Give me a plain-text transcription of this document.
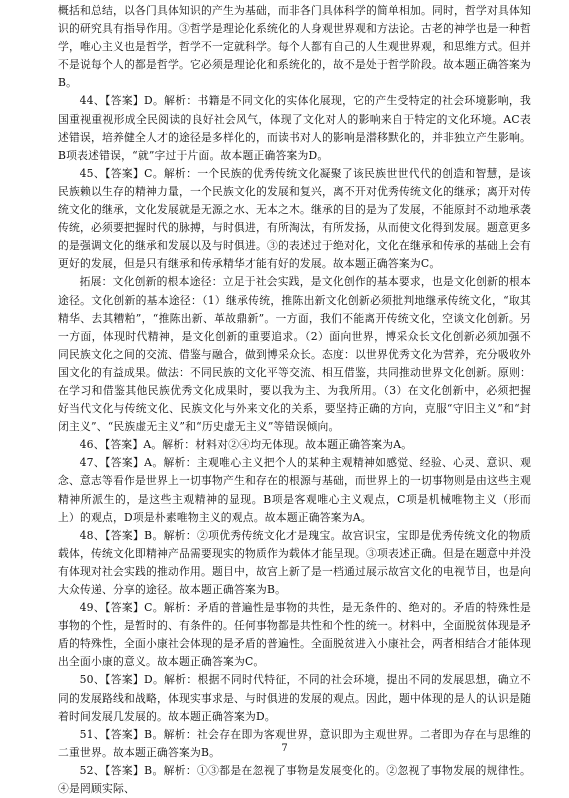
概括和总结，以各门具体知识的产生为基础，而非各门具体科学的简单相加。同时，哲学对具体知识的研究具有指导作用。③哲学是理论化系统化的人身观世界观和方法论。古老的神学也是一种哲学，唯心主义也是哲学，哲学不一定就科学。每个人都有自己的人生观世界观，和思维方式。但并不是说每个人的都是哲学。它必须是理论化和系统化的，故不是处于哲学阶段。故本题正确答案为B。

44、【答案】D。解析：书籍是不同文化的实体化展现，它的产生受特定的社会环境影响，我国重视重视形成全民阅读的良好社会风气，体现了文化对人的影响来自于特定的文化环境。AC表述错误，培养健全人才的途径是多样化的，而读书对人的影响是潜移默化的，并非独立产生影响。B项表述错误，“就”字过于片面。故本题正确答案为D。

45、【答案】C。解析：一个民族的优秀传统文化凝聚了该民族世世代代的创造和智慧，是该民族赖以生存的精神力量，一个民族文化的发展和复兴，离不开对优秀传统文化的继承；离开对传统文化的继承，文化发展就是无源之水、无本之木。继承的目的是为了发展，不能原封不动地承袭传统，必须要把握时代的脉搏，与时俱进，有所淘汰，有所发扬，从而使文化得到发展。题意更多的是强调文化的继承和发展以及与时俱进。③的表述过于绝对化，文化在继承和传承的基础上会有更好的发展，但是只有继承和传承精华才能有好的发展。故本题正确答案为C。

拓展：文化创新的根本途径：立足于社会实践，是文化创作的基本要求，也是文化创新的根本途径。文化创新的基本途径：（1）继承传统，推陈出新文化创新必须批判地继承传统文化，“取其精华、去其糟粕”，“推陈出新、革故鼎新”。一方面，我们不能离开传统文化，空谈文化创新。另一方面，体现时代精神，是文化创新的重要追求。（2）面向世界，博采众长文化创新必须加强不同民族文化之间的交流、借鉴与融合，做到博采众长。态度：以世界优秀文化为营养，充分吸收外国文化的有益成果。做法：不同民族的文化平等交流、相互借鉴，共同推动世界文化创新。原则：在学习和借鉴其他民族优秀文化成果时，要以我为主、为我所用。（3）在文化创新中，必须把握好当代文化与传统文化、民族文化与外来文化的关系，要坚持正确的方向，克服“守旧主义”和“封闭主义”、“民族虚无主义”和“历史虚无主义”等错误倾向。

46、【答案】A。解析：材料对②④均无体现。故本题正确答案为A。

47、【答案】A。解析：主观唯心主义把个人的某种主观精神如感觉、经验、心灵、意识、观念、意志等看作是世界上一切事物产生和存在的根源与基础，而世界上的一切事物则是由这些主观精神所派生的，是这些主观精神的显现。B项是客观唯心主义观点，C项是机械唯物主义（形而上）的观点，D项是朴素唯物主义的观点。故本题正确答案为A。

48、【答案】B。解析：②项优秀传统文化才是瑰宝。故宫识宝，宝即是优秀传统文化的物质载体，传统文化即精神产品需要现实的物质作为载体才能呈现。③项表述正确。但是在题意中并没有体现对社会实践的推动作用。题目中，故宫上新了是一档通过展示故宫文化的电视节目，也是向大众传递、分享的途径。故本题正确答案为B。

49、【答案】C。解析：矛盾的普遍性是事物的共性，是无条件的、绝对的。矛盾的特殊性是事物的个性，是暂时的、有条件的。任何事物都是共性和个性的统一。材料中，全面脱贫体现是矛盾的特殊性，全面小康社会体现的是矛盾的普遍性。全面脱贫进入小康社会，两者相结合才能体现出全面小康的意义。故本题正确答案为C。

50、【答案】D。解析：根据不同时代特征，不同的社会环境，提出不同的发展思想，确立不同的发展路线和战略，体现实事求是、与时俱进的发展的观点。因此，题中体现的是人的认识是随着时间发展几发展的。故本题正确答案为D。

51、【答案】B。解析：社会存在即为客观世界，意识即为主观世界。二者即为存在与思维的二重世界。故本题正确答案为B。

52、【答案】B。解析：①③都是在忽视了事物是发展变化的。②忽视了事物发展的规律性。④是罔顾实际、

7
